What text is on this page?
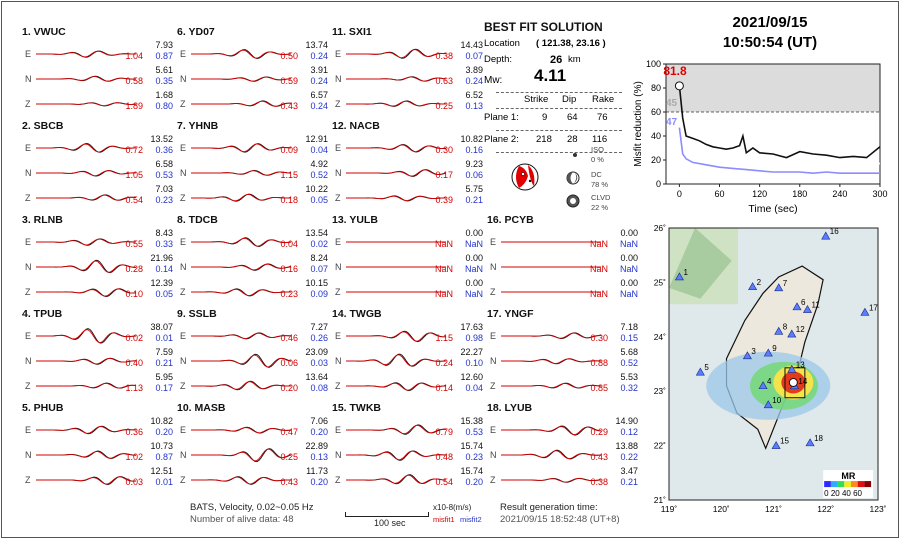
1. VWUC
E
7.93
1.04 0.87
N
5.61
0.58 0.35
Z
1.68
1.89 0.80
2. SBCB
E
13.52
0.72 0.36
N
6.58
1.05 0.53
Z
7.03
0.54 0.23
3. RLNB
E
8.43
0.55 0.33
N
21.96
0.28 0.14
Z
12.39
0.10 0.05
4. TPUB
E
38.07
0.02 0.01
N
7.59
0.40 0.21
Z
5.95
1.13 0.17
5. PHUB
E
10.82
0.36 0.20
N
10.73
1.02 0.87
Z
12.51
0.03 0.01
6. YD07
E
13.74
0.50 0.24
N
3.91
0.59 0.24
Z
6.57
0.43 0.24
7. YHNB
E
12.91
0.09 0.04
N
4.92
1.15 0.52
Z
10.22
0.18 0.05
8. TDCB
E
13.54
0.04 0.02
N
8.24
0.16 0.07
Z
10.15
0.23 0.09
9. SSLB
E
7.27
0.46 0.26
N
23.09
0.06 0.03
Z
13.64
0.20 0.08
10. MASB
E
7.06
0.47 0.20
N
22.89
0.25 0.13
Z
11.73
0.43 0.20
11. SXI1
E
14.43
0.38 0.07
N
3.89
0.63 0.24
Z
6.52
0.25 0.13
12. NACB
E
10.82
0.30 0.16
N
9.23
0.17 0.06
Z
5.75
0.39 0.21
13. YULB
E
0.00
NaN NaN
N
0.00
NaN NaN
Z
0.00
NaN NaN
14. TWGB
E
17.63
1.15 0.98
N
22.27
0.24 0.10
Z
12.60
0.14 0.04
15. TWKB
E
15.38
0.79 0.53
N
15.74
0.48 0.23
Z
15.74
0.54 0.20
16. PCYB
E
0.00
NaN NaN
N
0.00
NaN NaN
Z
0.00
NaN NaN
17. YNGF
E
7.18
0.30 0.15
N
5.68
0.88 0.52
Z
5.53
0.85 0.32
18. LYUB
E
14.90
0.29 0.12
N
13.88
0.43 0.22
Z
3.47
0.38 0.21
BEST FIT SOLUTION
Location ( 121.38, 23.16 )
Depth:	26 km
Mw: 4.11
Strike Dip Rake
Plane 1: 9 64 76
Plane 2: 218 28 116
ISO
0 %
DC
78 %
CLVD
22 %
2021/09/15
10:50:54 (UT)
0
20
40
60
80
100
0	60	120	180	240	300
81.8
45
47
Time (sec)
Misfit reduction (%)
1
2
3
4
5
6
7
8
9
10
11
12
13
14
15
16
17
18
26˚
25˚
24˚
23˚
22˚
21˚
119˚	120˚	121˚	122˚	123˚
MR
0 20 40 60
BATS, Velocity, 0.02~0.05 Hz
Number of alive data: 48	100 sec
x10-8(m/s)
misfit1 misfit2
Result generation time:
2021/09/15 18:52:48 (UT+8)
